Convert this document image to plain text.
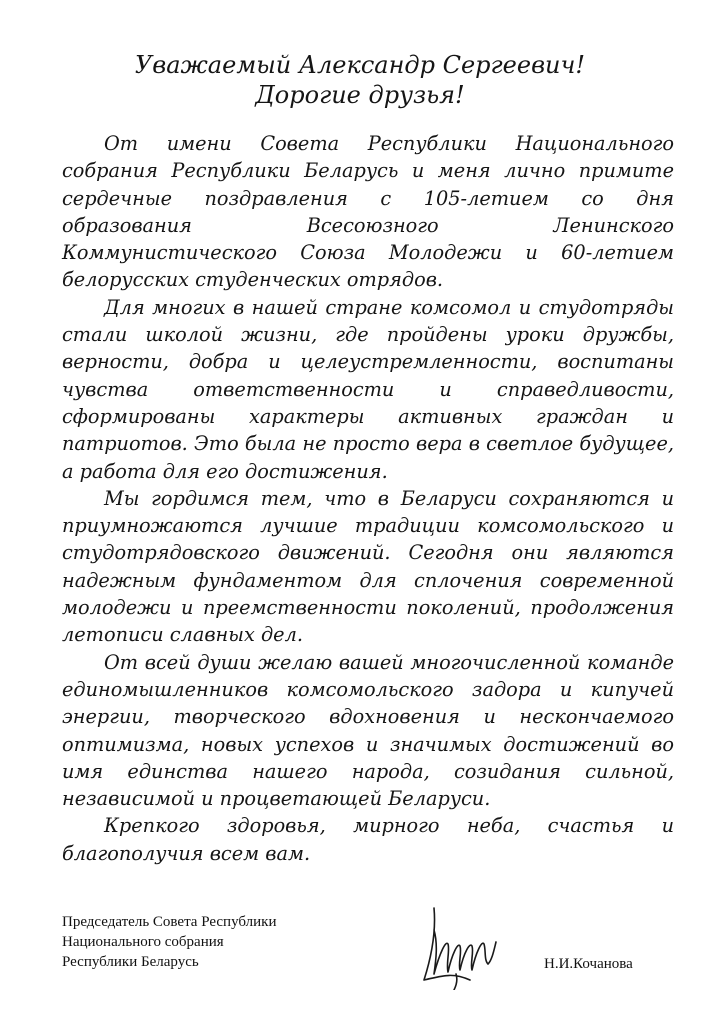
Уважаемый Александр Сергеевич!
Дорогие друзья!

От имени Совета Республики Национального собрания Республики Беларусь и меня лично примите сердечные поздравления с 105-летием со дня образования Всесоюзного Ленинского Коммунистического Союза Молодежи и 60-летием белорусских студенческих отрядов.

Для многих в нашей стране комсомол и студотряды стали школой жизни, где пройдены уроки дружбы, верности, добра и целеустремленности, воспитаны чувства ответственности и справедливости, сформированы характеры активных граждан и патриотов. Это была не просто вера в светлое будущее, а работа для его достижения.

Мы гордимся тем, что в Беларуси сохраняются и приумножаются лучшие традиции комсомольского и студотрядовского движений. Сегодня они являются надежным фундаментом для сплочения современной молодежи и преемственности поколений, продолжения летописи славных дел.

От всей души желаю вашей многочисленной команде единомышленников комсомольского задора и кипучей энергии, творческого вдохновения и нескончаемого оптимизма, новых успехов и значимых достижений во имя единства нашего народа, созидания сильной, независимой и процветающей Беларуси.

Крепкого здоровья, мирного неба, счастья и благополучия всем вам.

Председатель Совета Республики
Национального собрания
Республики Беларусь	Н.И.Кочанова
